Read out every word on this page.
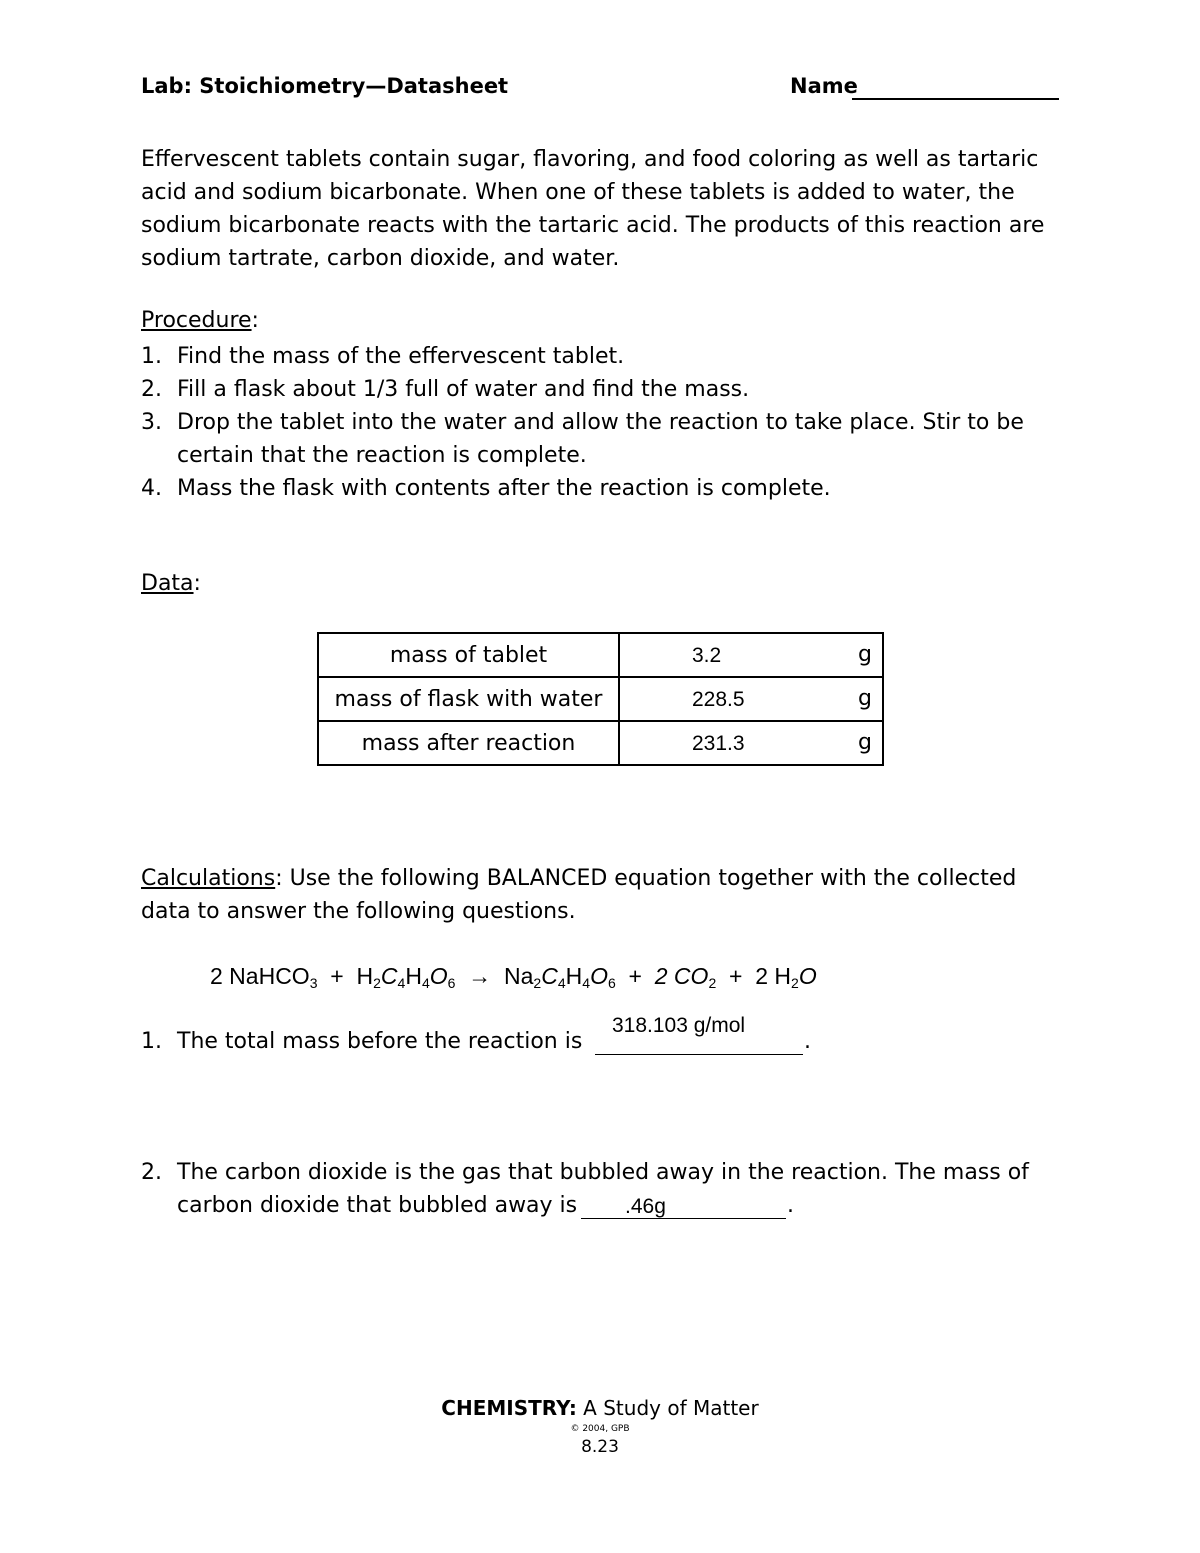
Lab: Stoichiometry—Datasheet	Name

Effervescent tablets contain sugar, flavoring, and food coloring as well as tartaric

acid and sodium bicarbonate. When one of these tablets is added to water, the

sodium bicarbonate reacts with the tartaric acid. The products of this reaction are

sodium tartrate, carbon dioxide, and water.

Procedure:
1. Find the mass of the effervescent tablet.
2. Fill a flask about 1/3 full of water and find the mass.
3. Drop the tablet into the water and allow the reaction to take place. Stir to be
certain that the reaction is complete.
4. Mass the flask with contents after the reaction is complete.
Data:
mass of tablet	3.2 g

mass of flask with water	228.5 g

mass after reaction	231.3 g
Calculations: Use the following BALANCED equation together with the collected
data to answer the following questions.
2 NaHCO$_3$ + $H_2C_4H_4O_6 \to Na_2C_4H_4O_6 + 2$ $CO_2 + 2$ $H_2O$
1. The total mass before the reaction is
318.103 g/mol
.
2. The carbon dioxide is the gas that bubbled away in the reaction. The mass of
carbon dioxide that bubbled away is .46g	.
CHEMISTRY: A Study of Matter
© 2004, GPB
8.23
